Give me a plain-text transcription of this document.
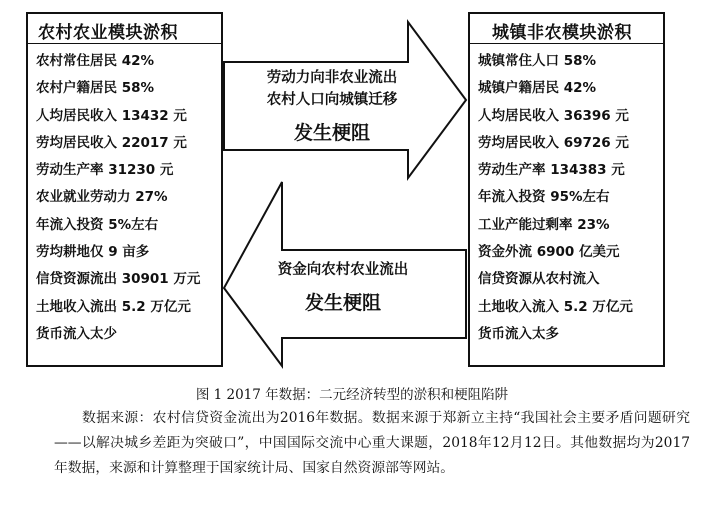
农村农业模块淤积
农村常住居民 42%
农村户籍居民 58%
人均居民收入 13432 元
劳均居民收入 22017 元
劳动生产率 31230 元
农业就业劳动力 27%
年流入投资 5%左右
劳均耕地仅 9 亩多
信贷资源流出 30901 万元
土地收入流出 5.2 万亿元
货币流入太少
城镇非农模块淤积
城镇常住人口 58%
城镇户籍居民 42%
人均居民收入 36396 元
劳均居民收入 69726 元
劳动生产率 134383 元
年流入投资 95%左右
工业产能过剩率 23%
资金外流 6900 亿美元
信贷资源从农村流入
土地收入流入 5.2 万亿元
货币流入太多
劳动力向非农业流出
农村人口向城镇迁移
发生梗阻
资金向农村农业流出
发生梗阻
图 1 2017 年数据：二元经济转型的淤积和梗阻陷阱
数据来源：农村信贷资金流出为2016年数据。数据来源于郑新立主持“我国社会主要矛盾问题研究——以解决城乡差距为突破口”，中国国际交流中心重大课题，2018年12月12日。其他数据均为2017年数据，来源和计算整理于国家统计局、国家自然资源部等网站。
